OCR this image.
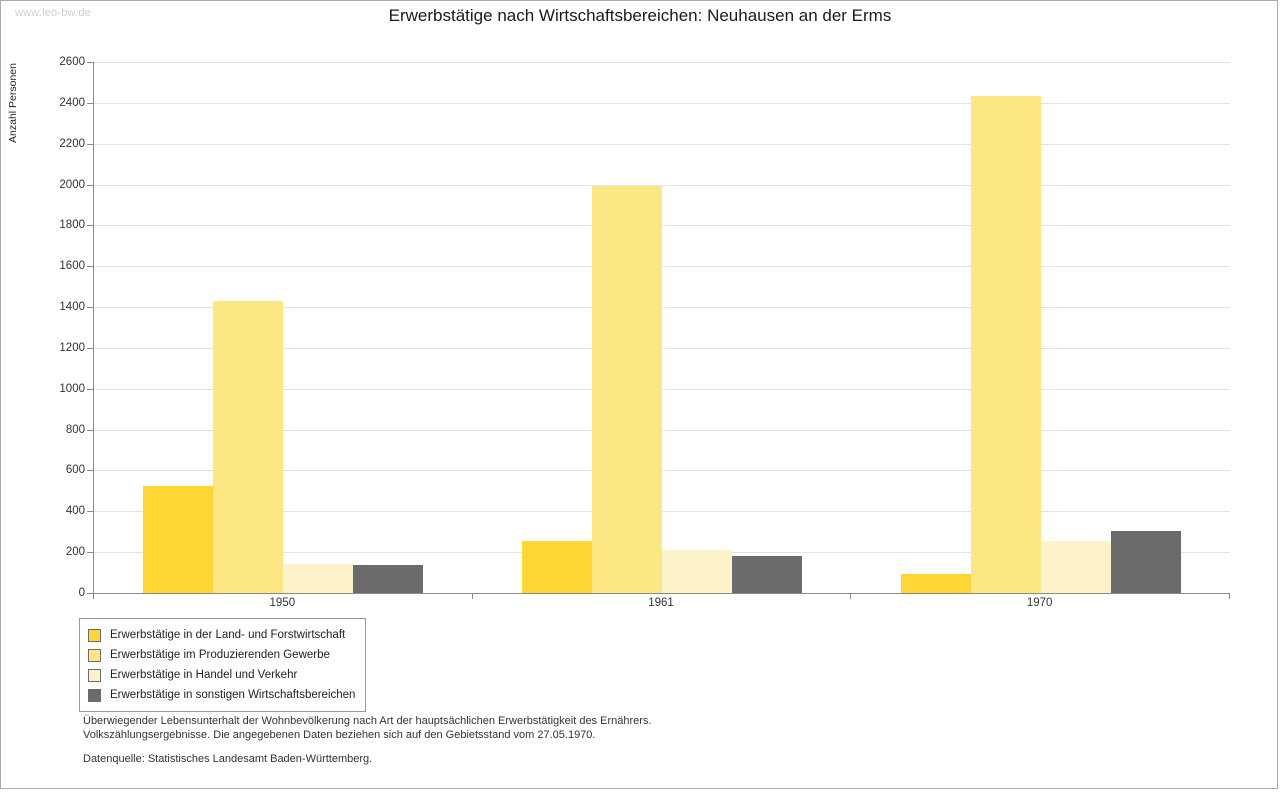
www.leo-bw.de	Erwerbstätige nach Wirtschaftsbereichen: Neuhausen an der Erms
Anzahl Personen
0
200
400
600
800
1000
1200
1400
1600
1800
2000
2200
2400
2600
1950	1961	1970
Erwerbstätige in der Land- und Forstwirtschaft
Erwerbstätige im Produzierenden Gewerbe
Erwerbstätige in Handel und Verkehr
Erwerbstätige in sonstigen Wirtschaftsbereichen
Überwiegender Lebensunterhalt der Wohnbevölkerung nach Art der hauptsächlichen Erwerbstätigkeit des Ernährers.
Volkszählungsergebnisse. Die angegebenen Daten beziehen sich auf den Gebietsstand vom 27.05.1970.
Datenquelle: Statistisches Landesamt Baden-Württemberg.
